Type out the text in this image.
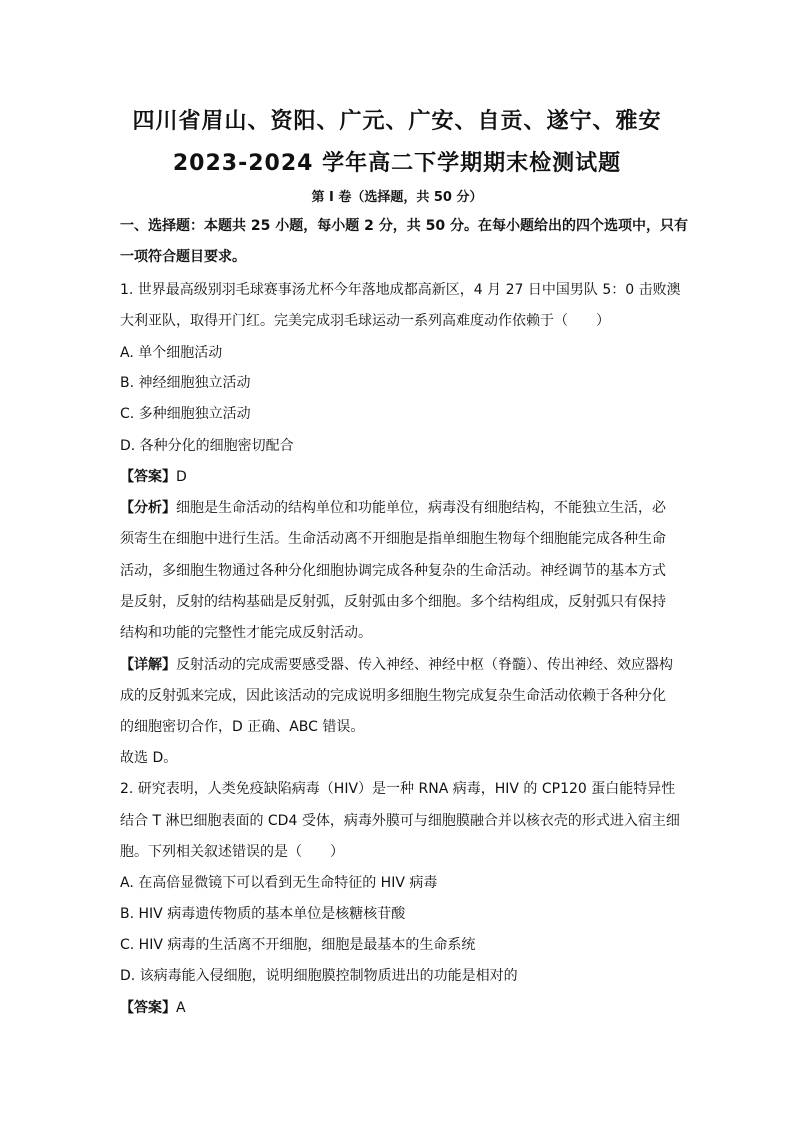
四川省眉山、资阳、广元、广安、自贡、遂宁、雅安
2023-2024 学年高二下学期期末检测试题
第 I 卷（选择题，共 50 分）
一、选择题：本题共 25 小题，每小题 2 分，共 50 分。在每小题给出的四个选项中，只有
一项符合题目要求。
1. 世界最高级别羽毛球赛事汤尤杯今年落地成都高新区，4 月 27 日中国男队 5：0 击败澳
大利亚队，取得开门红。完美完成羽毛球运动一系列高难度动作依赖于（　　）
A. 单个细胞活动
B. 神经细胞独立活动
C. 多种细胞独立活动
D. 各种分化的细胞密切配合
【答案】D
【分析】细胞是生命活动的结构单位和功能单位，病毒没有细胞结构，不能独立生活，必
须寄生在细胞中进行生活。生命活动离不开细胞是指单细胞生物每个细胞能完成各种生命
活动，多细胞生物通过各种分化细胞协调完成各种复杂的生命活动。神经调节的基本方式
是反射，反射的结构基础是反射弧，反射弧由多个细胞。多个结构组成，反射弧只有保持
结构和功能的完整性才能完成反射活动。
【详解】反射活动的完成需要感受器、传入神经、神经中枢（脊髓）、传出神经、效应器构
成的反射弧来完成，因此该活动的完成说明多细胞生物完成复杂生命活动依赖于各种分化
的细胞密切合作，D 正确、ABC 错误。
故选 D。
2. 研究表明，人类免疫缺陷病毒（HIV）是一种 RNA 病毒，HIV 的 CP120 蛋白能特异性
结合 T 淋巴细胞表面的 CD4 受体，病毒外膜可与细胞膜融合并以核衣壳的形式进入宿主细
胞。下列相关叙述错误的是（　　）
A. 在高倍显微镜下可以看到无生命特征的 HIV 病毒
B. HIV 病毒遗传物质的基本单位是核糖核苷酸
C. HIV 病毒的生活离不开细胞，细胞是最基本的生命系统
D. 该病毒能入侵细胞，说明细胞膜控制物质进出的功能是相对的
【答案】A
